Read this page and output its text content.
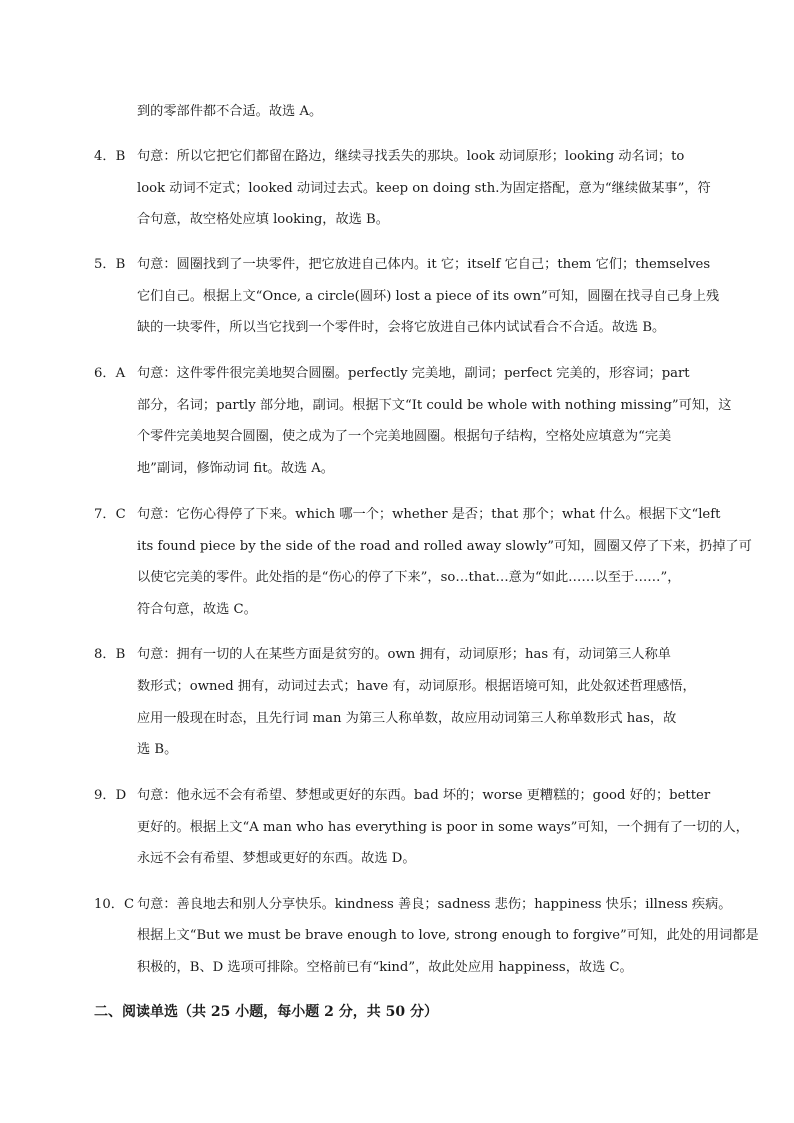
到的零部件都不合适。故选 A。
4．B 句意：所以它把它们都留在路边，继续寻找丢失的那块。look 动词原形；looking 动名词；to
look 动词不定式；looked 动词过去式。keep on doing sth.为固定搭配，意为“继续做某事”，符
合句意，故空格处应填 looking，故选 B。
5．B 句意：圆圈找到了一块零件，把它放进自己体内。it 它；itself 它自己；them 它们；themselves
它们自己。根据上文“Once, a circle(圆环) lost a piece of its own”可知，圆圈在找寻自己身上残
缺的一块零件，所以当它找到一个零件时，会将它放进自己体内试试看合不合适。故选 B。
6．A 句意：这件零件很完美地契合圆圈。perfectly 完美地，副词；perfect 完美的，形容词；part
部分，名词；partly 部分地，副词。根据下文“It could be whole with nothing missing”可知，这
个零件完美地契合圆圈，使之成为了一个完美地圆圈。根据句子结构，空格处应填意为“完美
地”副词，修饰动词 fit。故选 A。
7．C 句意：它伤心得停了下来。which 哪一个；whether 是否；that 那个；what 什么。根据下文“left
its found piece by the side of the road and rolled away slowly”可知，圆圈又停了下来，扔掉了可
以使它完美的零件。此处指的是“伤心的停了下来”，so…that…意为“如此……以至于……”，
符合句意，故选 C。
8．B 句意：拥有一切的人在某些方面是贫穷的。own 拥有，动词原形；has 有，动词第三人称单
数形式；owned 拥有，动词过去式；have 有，动词原形。根据语境可知，此处叙述哲理感悟，
应用一般现在时态，且先行词 man 为第三人称单数，故应用动词第三人称单数形式 has，故
选 B。
9．D 句意：他永远不会有希望、梦想或更好的东西。bad 坏的；worse 更糟糕的；good 好的；better
更好的。根据上文“A man who has everything is poor in some ways”可知，一个拥有了一切的人，
永远不会有希望、梦想或更好的东西。故选 D。
10．C 句意：善良地去和别人分享快乐。kindness 善良；sadness 悲伤；happiness 快乐；illness 疾病。
根据上文“But we must be brave enough to love, strong enough to forgive”可知，此处的用词都是
积极的，B、D 选项可排除。空格前已有“kind”，故此处应用 happiness，故选 C。
二、阅读单选（共 25 小题，每小题 2 分，共 50 分）
